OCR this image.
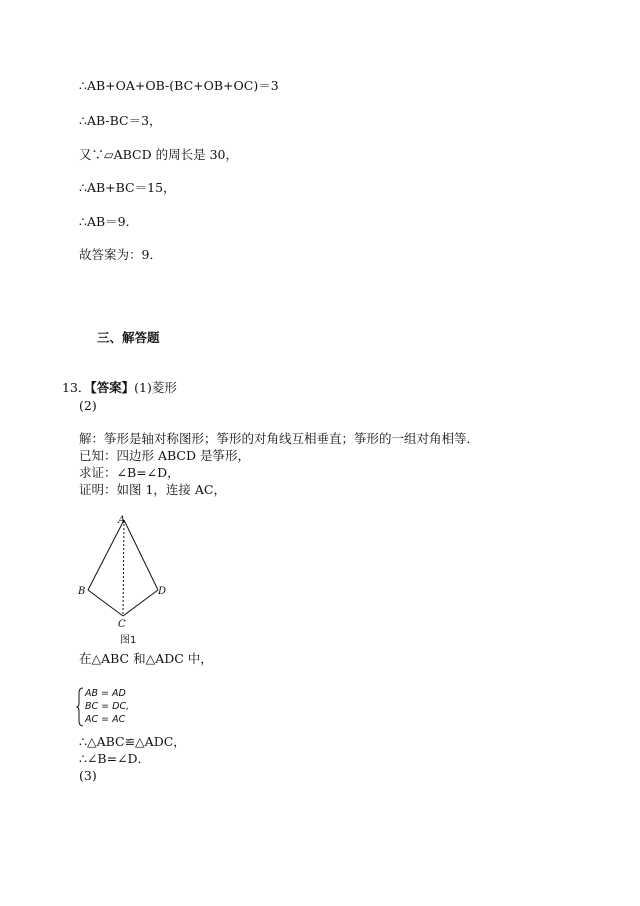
∴AB+OA+OB-(BC+OB+OC)＝3
∴AB-BC＝3，
又∵▱ABCD 的周长是 30，
∴AB+BC＝15，
∴AB＝9．
故答案为：9．
三、解答题
13．【答案】(1)菱形
(2)
解：筝形是轴对称图形；筝形的对角线互相垂直；筝形的一组对角相等．
已知：四边形 ABCD 是筝形，
求证：∠B=∠D，
证明：如图 1，连接 AC，
A
B
C
D
图1
在△ABC 和△ADC 中，
AB = AD
BC = DC,
AC = AC
∴△ABC≌△ADC，
∴∠B=∠D．
(3)
